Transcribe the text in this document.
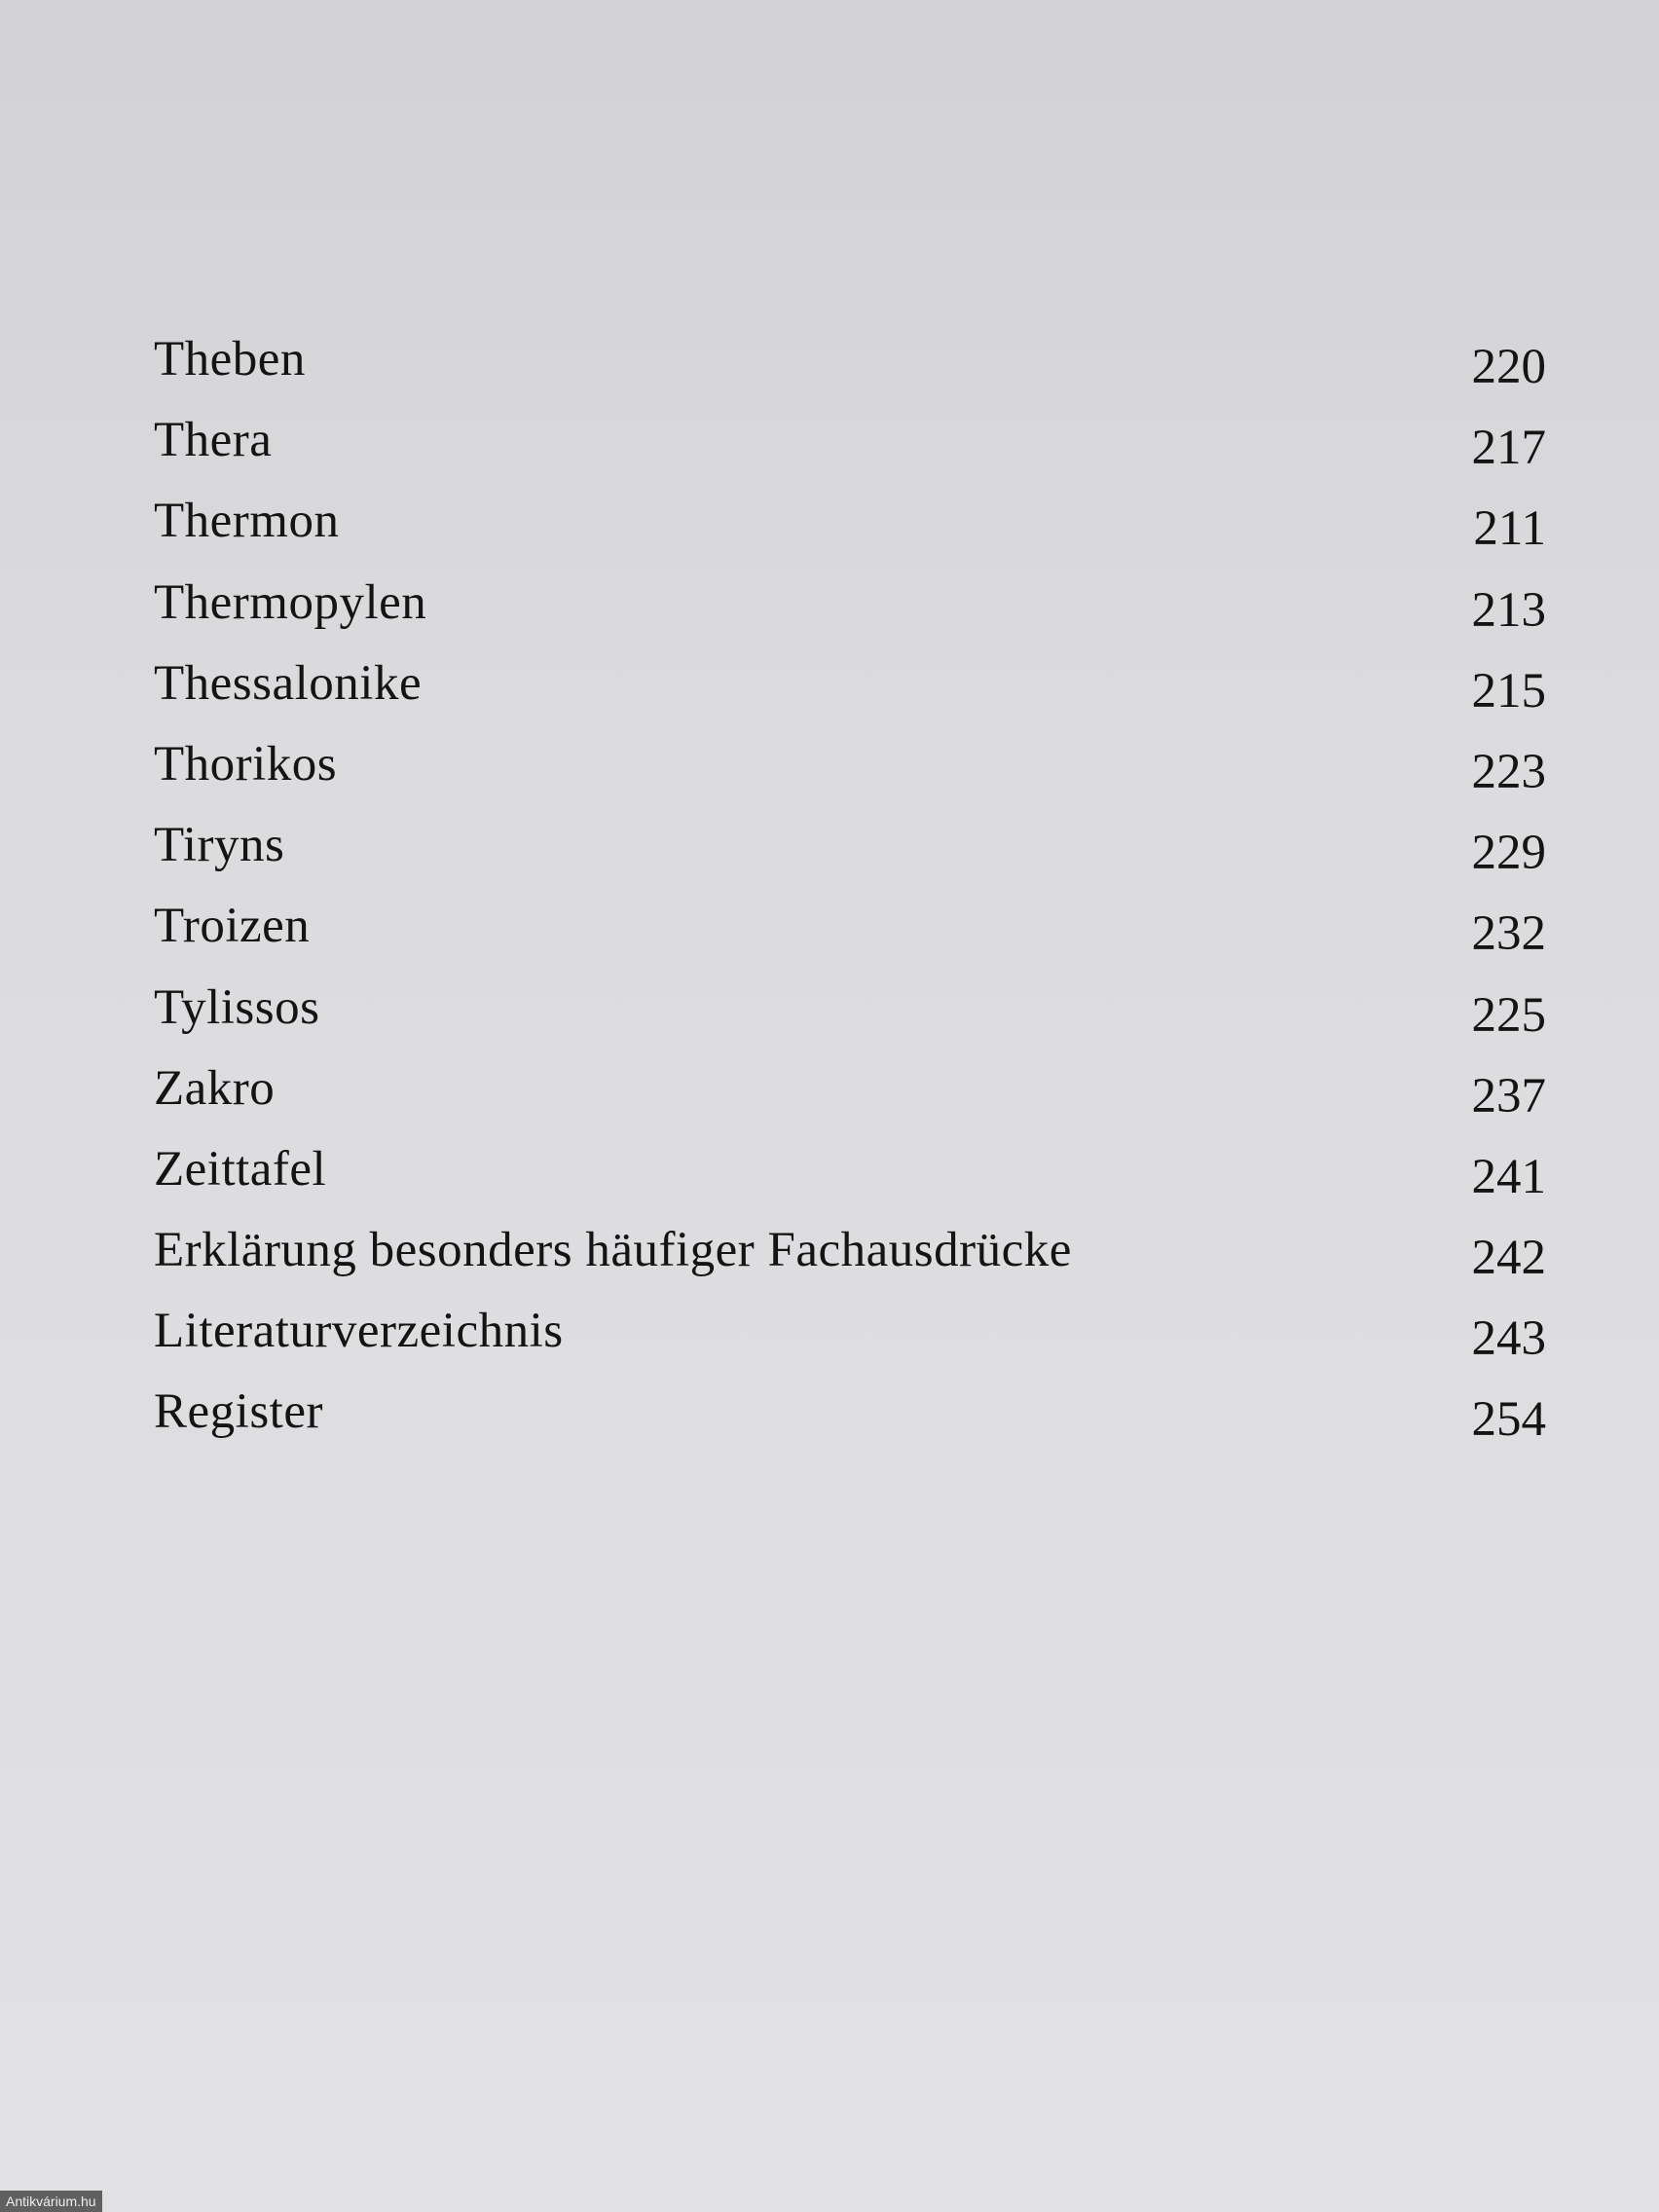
Theben	220
Thera	217
Thermon	211
Thermopylen	213
Thessalonike	215
Thorikos	223
Tiryns	229
Troizen	232
Tylissos	225
Zakro	237
Zeittafel	241
Erklärung besonders häufiger Fachausdrücke	242
Literaturverzeichnis	243
Register	254
Antikvárium.hu
